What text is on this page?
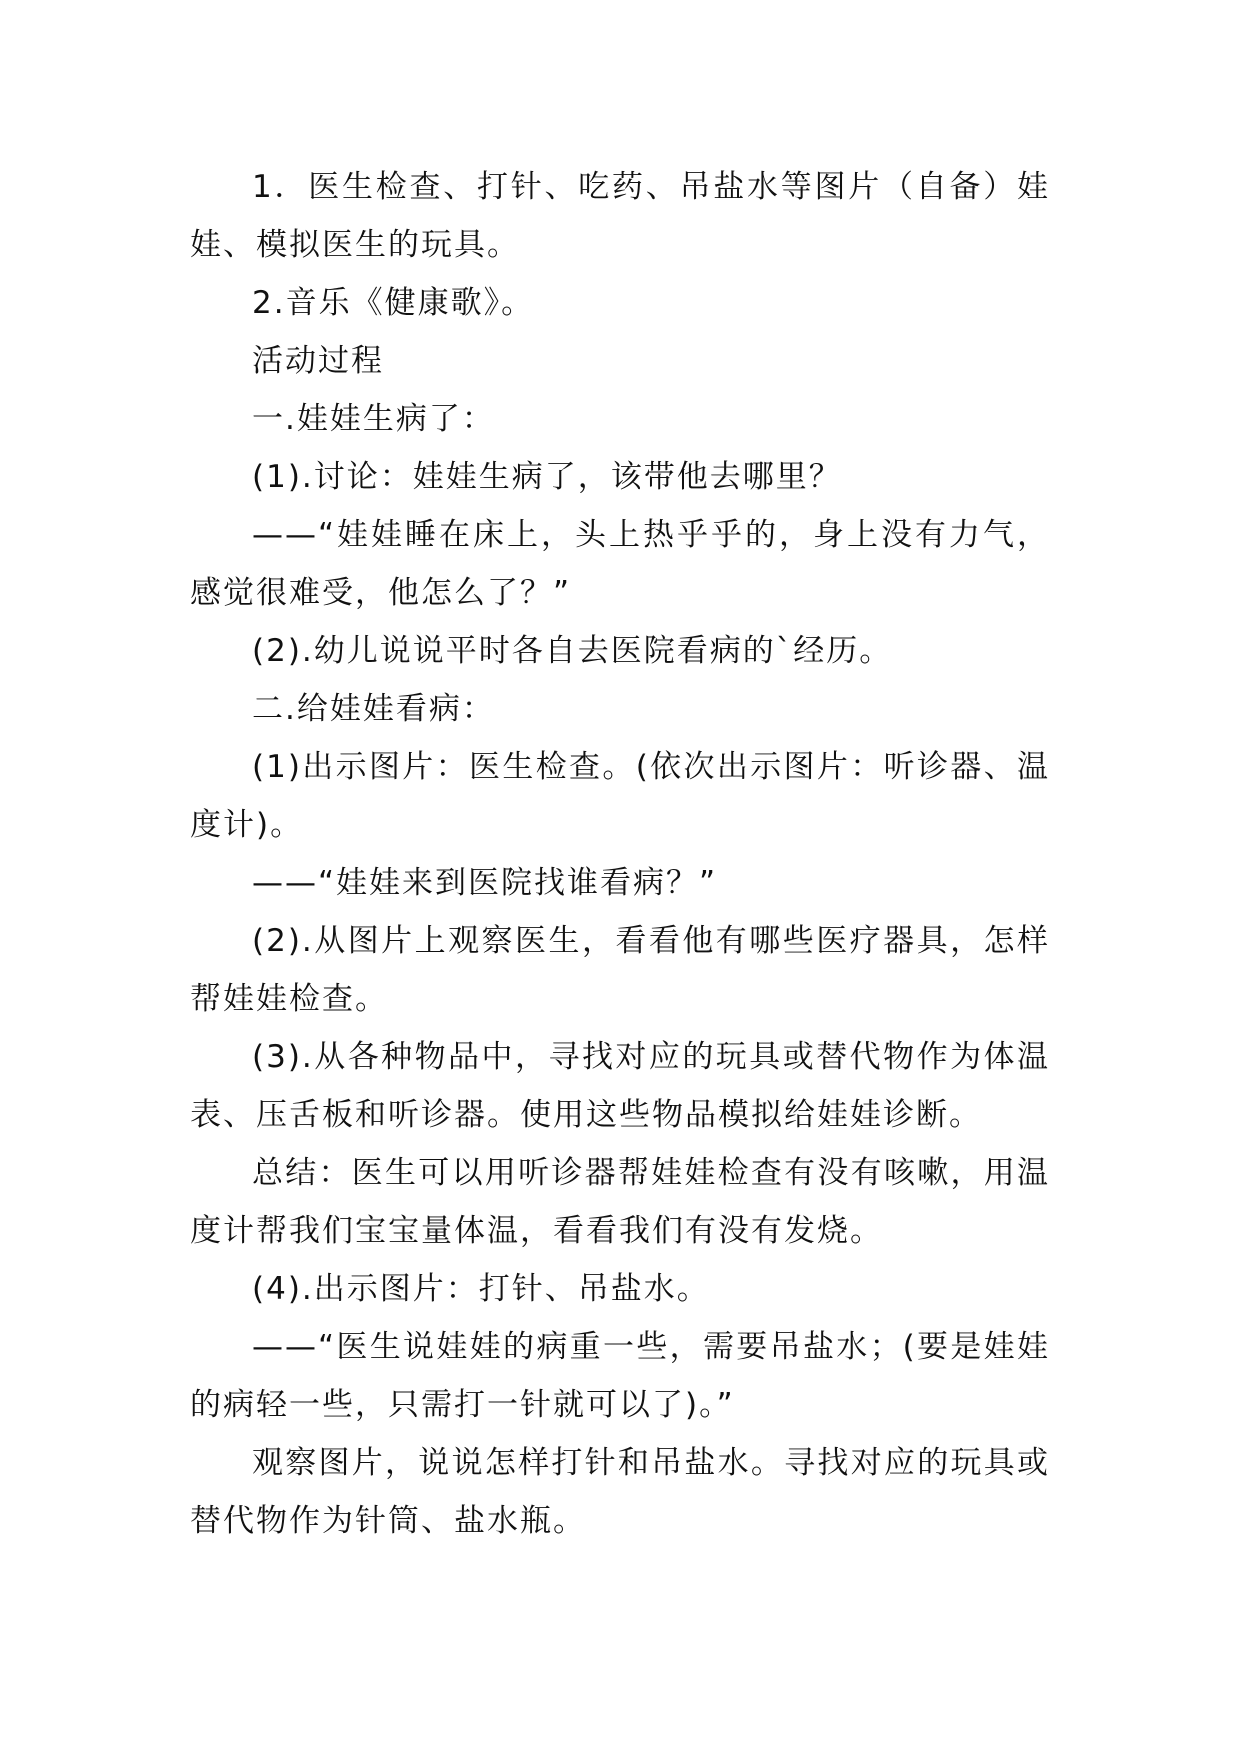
1．医生检查、打针、吃药、吊盐水等图片（自备）娃娃、模拟医生的玩具。

2.音乐《健康歌》。

活动过程

一.娃娃生病了：

(1).讨论：娃娃生病了，该带他去哪里？

——“娃娃睡在床上，头上热乎乎的，身上没有力气，感觉很难受，他怎么了？”

(2).幼儿说说平时各自去医院看病的`经历。

二.给娃娃看病：

(1)出示图片：医生检查。(依次出示图片：听诊器、温度计)。

——“娃娃来到医院找谁看病？”

(2).从图片上观察医生，看看他有哪些医疗器具，怎样帮娃娃检查。

(3).从各种物品中，寻找对应的玩具或替代物作为体温表、压舌板和听诊器。使用这些物品模拟给娃娃诊断。

总结：医生可以用听诊器帮娃娃检查有没有咳嗽，用温度计帮我们宝宝量体温，看看我们有没有发烧。

(4).出示图片：打针、吊盐水。

——“医生说娃娃的病重一些，需要吊盐水；(要是娃娃的病轻一些，只需打一针就可以了)。”

观察图片，说说怎样打针和吊盐水。寻找对应的玩具或替代物作为针筒、盐水瓶。
